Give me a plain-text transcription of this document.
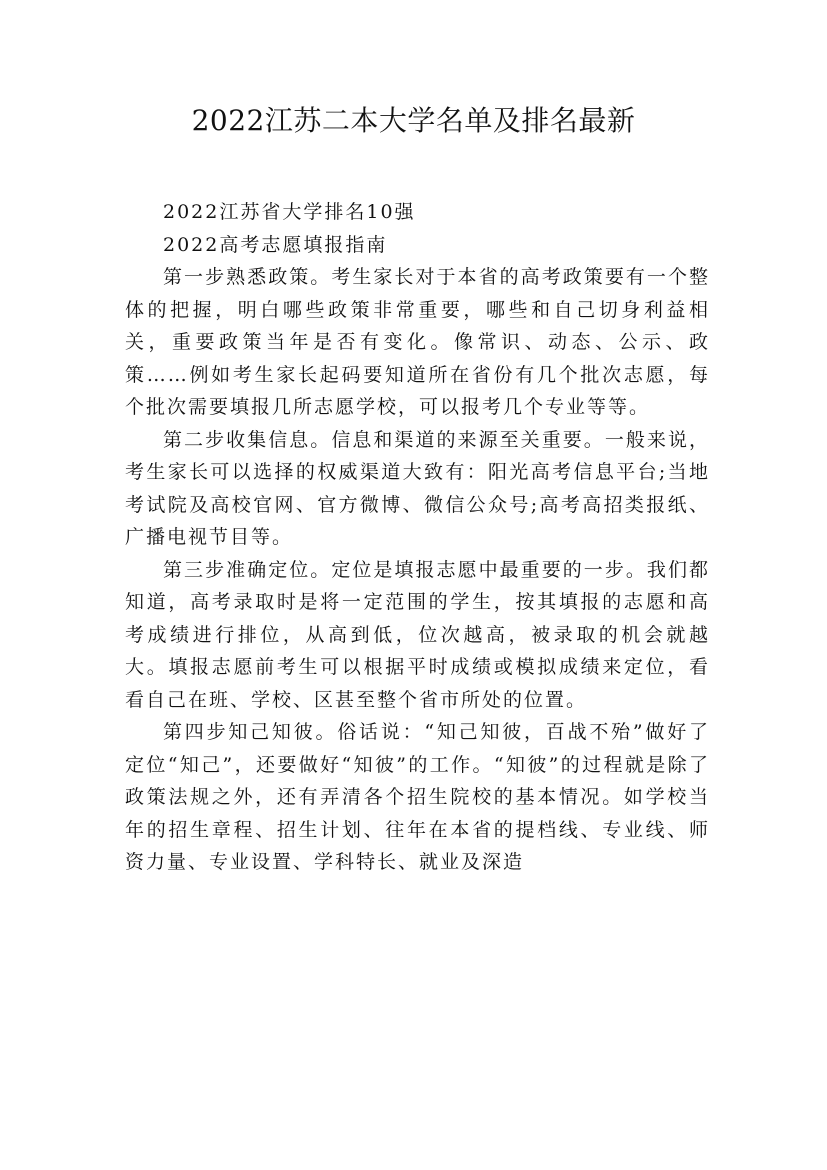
2022江苏二本大学名单及排名最新

2022江苏省大学排名10强

2022高考志愿填报指南

第一步熟悉政策。考生家长对于本省的高考政策要有一个整体的把握，明白哪些政策非常重要，哪些和自己切身利益相关，重要政策当年是否有变化。像常识、动态、公示、政策……例如考生家长起码要知道所在省份有几个批次志愿，每个批次需要填报几所志愿学校，可以报考几个专业等等。

第二步收集信息。信息和渠道的来源至关重要。一般来说，考生家长可以选择的权威渠道大致有：阳光高考信息平台;当地考试院及高校官网、官方微博、微信公众号;高考高招类报纸、广播电视节目等。

第三步准确定位。定位是填报志愿中最重要的一步。我们都知道，高考录取时是将一定范围的学生，按其填报的志愿和高考成绩进行排位，从高到低，位次越高，被录取的机会就越大。填报志愿前考生可以根据平时成绩或模拟成绩来定位，看看自己在班、学校、区甚至整个省市所处的位置。

第四步知己知彼。俗话说：“知己知彼，百战不殆”做好了定位“知己”，还要做好“知彼”的工作。“知彼”的过程就是除了政策法规之外，还有弄清各个招生院校的基本情况。如学校当年的招生章程、招生计划、往年在本省的提档线、专业线、师资力量、专业设置、学科特长、就业及深造
